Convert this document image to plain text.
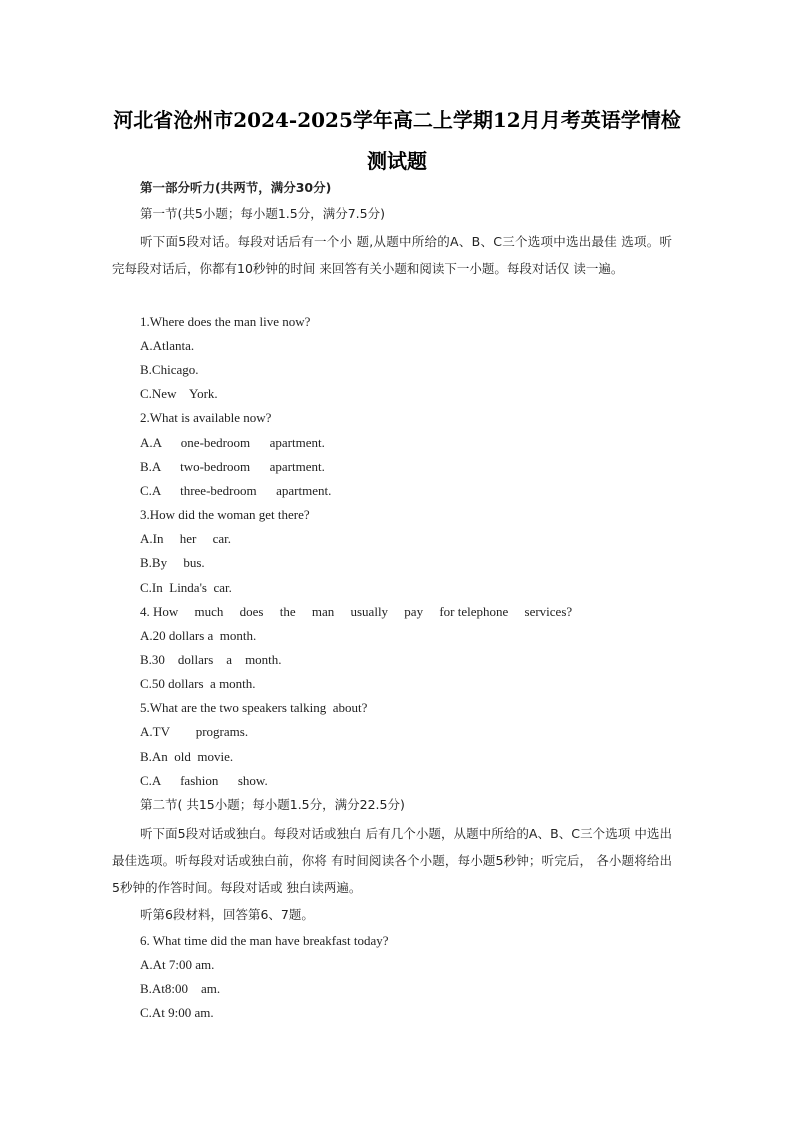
河北省沧州市2024-2025学年高二上学期12月月考英语学情检
测试题
第一部分听力(共两节，满分30分)
第一节(共5小题；每小题1.5分，满分7.5分)
听下面5段对话。每段对话后有一个小 题,从题中所给的A、B、C三个选项中选出最佳 选项。听完每段对话后，你都有10秒钟的时间 来回答有关小题和阅读下一小题。每段对话仅 读一遍。
1.Where does the man live now?
A.Atlanta.
B.Chicago.
C.New    York.
2.What is available now?
A.A      one-bedroom      apartment.
B.A      two-bedroom      apartment.
C.A      three-bedroom      apartment.
3.How did the woman get there?
A.In     her     car.
B.By     bus.
C.In  Linda's  car.
4. How     much     does     the     man     usually     pay     for telephone     services?
A.20 dollars a  month.
B.30    dollars    a    month.
C.50 dollars  a month.
5.What are the two speakers talking  about?
A.TV        programs.
B.An  old  movie.
C.A      fashion      show.
第二节( 共15小题；每小题1.5分，满分22.5分)
听下面5段对话或独白。每段对话或独白 后有几个小题，从题中所给的A、B、C三个选项 中选出最佳选项。听每段对话或独白前，你将 有时间阅读各个小题，每小题5秒钟；听完后， 各小题将给出5秒钟的作答时间。每段对话或 独白读两遍。
听第6段材料，回答第6、7题。
6. What time did the man have breakfast today?
A.At 7:00 am.
B.At8:00    am.
C.At 9:00 am.
